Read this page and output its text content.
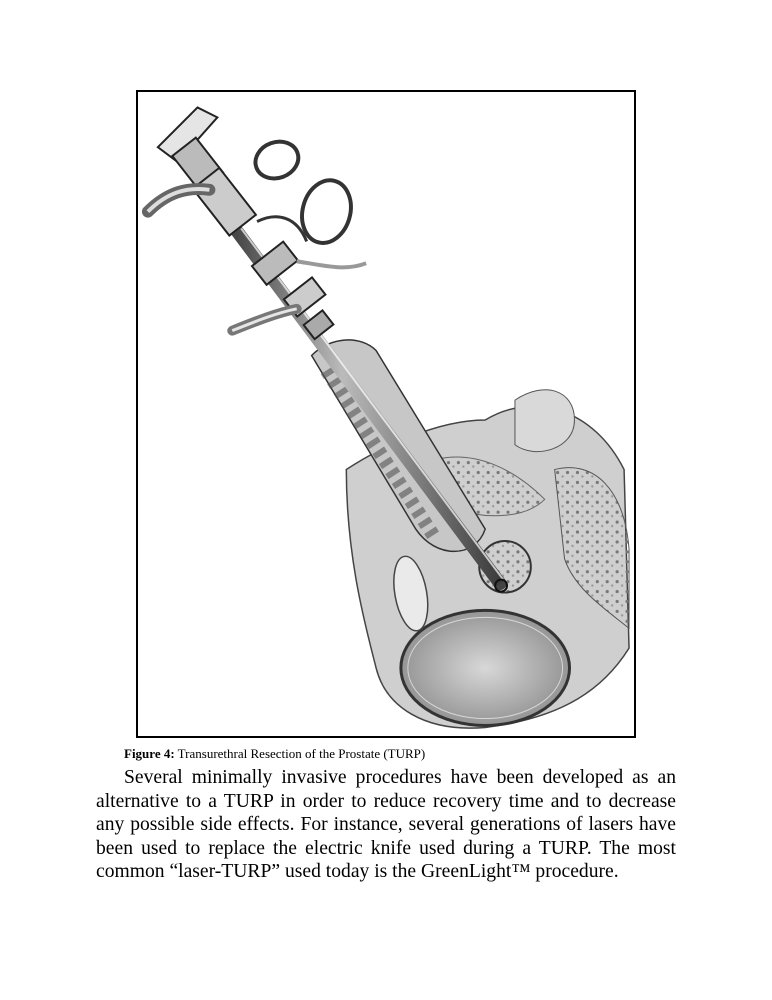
Figure 4: Transurethral Resection of the Prostate (TURP)

Several minimally invasive procedures have been developed as an alternative to a TURP in order to reduce recovery time and to decrease any possible side effects. For instance, several generations of lasers have been used to replace the electric knife used during a TURP. The most common “laser-TURP” used today is the GreenLight™ procedure.
